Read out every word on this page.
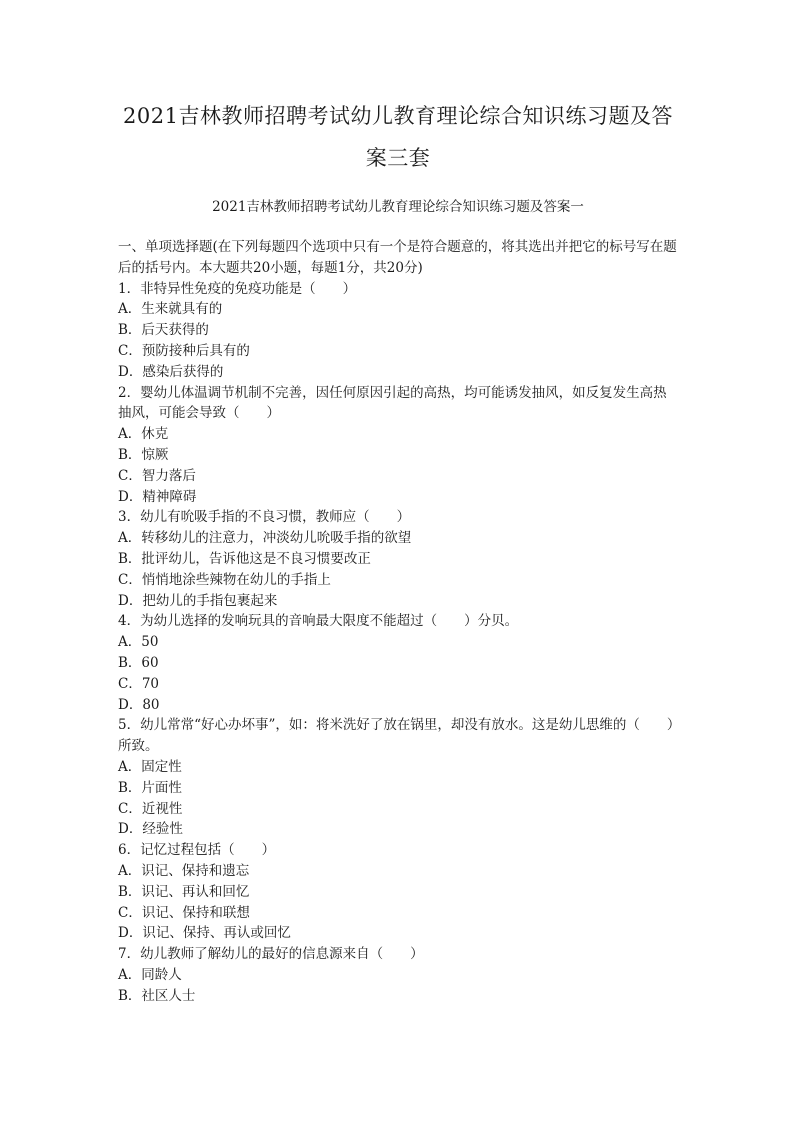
2021吉林教师招聘考试幼儿教育理论综合知识练习题及答
案三套
2021吉林教师招聘考试幼儿教育理论综合知识练习题及答案一

一、单项选择题(在下列每题四个选项中只有一个是符合题意的，将其选出并把它的标号写在题后的括号内。本大题共20小题，每题1分，共20分)

1．非特异性免疫的免疫功能是（　　）

A．生来就具有的

B．后天获得的

C．预防接种后具有的

D．感染后获得的

2．婴幼儿体温调节机制不完善，因任何原因引起的高热，均可能诱发抽风，如反复发生高热抽风，可能会导致（　　）

A．休克

B．惊厥

C．智力落后

D．精神障碍

3．幼儿有吮吸手指的不良习惯，教师应（　　）

A．转移幼儿的注意力，冲淡幼儿吮吸手指的欲望

B．批评幼儿，告诉他这是不良习惯要改正

C．悄悄地涂些辣物在幼儿的手指上

D．把幼儿的手指包裹起来

4．为幼儿选择的发响玩具的音响最大限度不能超过（　　）分贝。

A．50

B．60

C．70

D．80

5．幼儿常常“好心办坏事”，如：将米洗好了放在锅里，却没有放水。这是幼儿思维的（　　）所致。

A．固定性

B．片面性

C．近视性

D．经验性

6．记忆过程包括（　　）

A．识记、保持和遗忘

B．识记、再认和回忆

C．识记、保持和联想

D．识记、保持、再认或回忆

7．幼儿教师了解幼儿的最好的信息源来自（　　）

A．同龄人

B．社区人士
